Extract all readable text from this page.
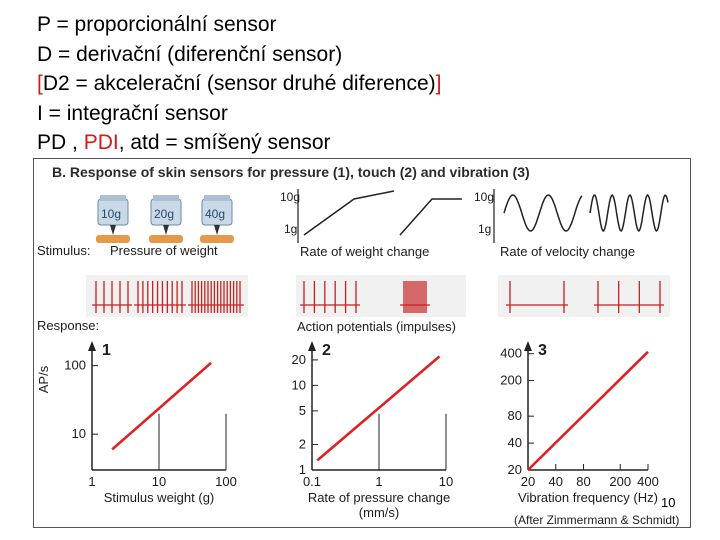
P = proporcionální sensor
D = derivační (diferenční sensor)
[D2 = akcelerační (sensor druhé diference)]
I = integrační sensor
PD , PDI, atd = smíšený sensor
B. Response of skin sensors for pressure (1), touch (2) and vibration (3)
Stimulus:
10g	20g	40g
Pressure of weight
10g
1g
Rate of weight change
10g
1g
Rate of velocity change
Response:	Action potentials (impulses)
1
1	10	100
10
100
Stimulus weight (g)
AP/s
2
0.1	1	10
1
2
5
10
20
Rate of pressure change
(mm/s)
3
20 40 80 200 400
20
40
80
200
400
Vibration frequency (Hz)
(After Zimmermann & Schmidt)
10
